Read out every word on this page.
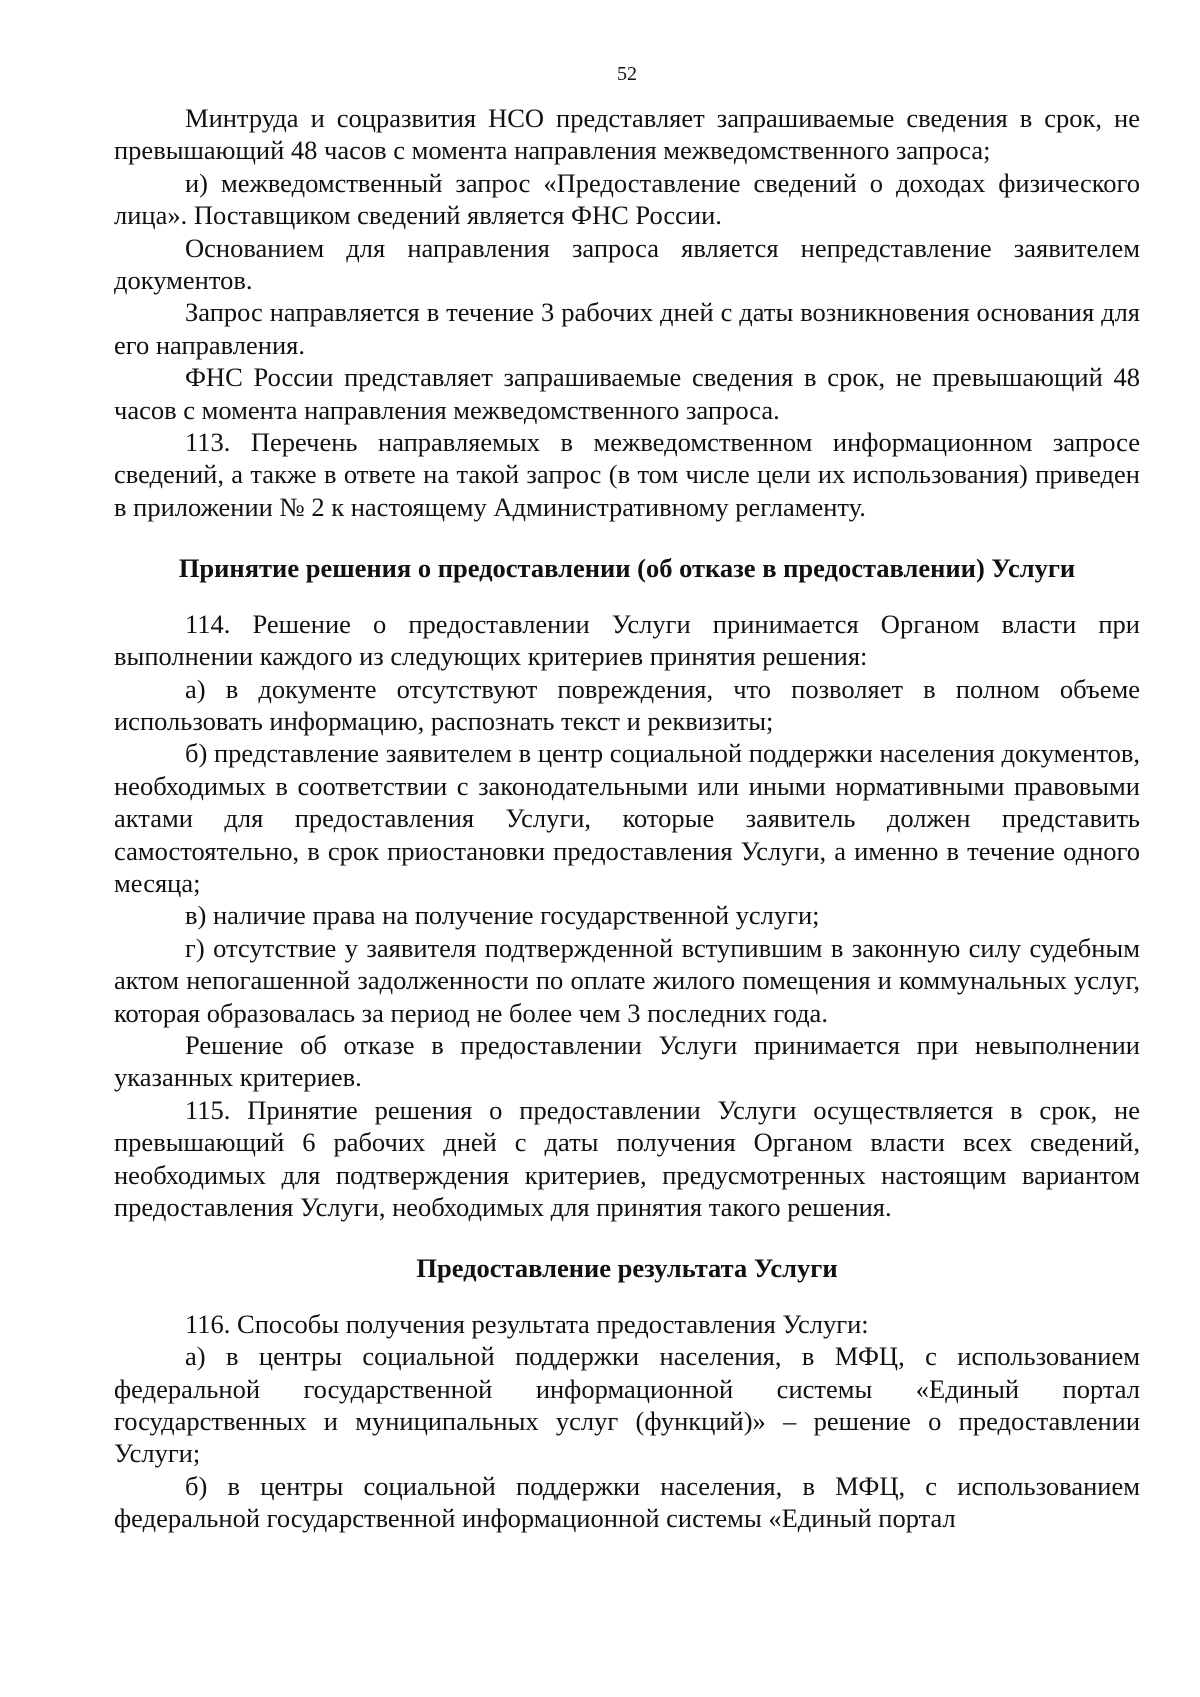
52

Минтруда и соцразвития НСО представляет запрашиваемые сведения в срок, не превышающий 48 часов с момента направления межведомственного запроса;

и) межведомственный запрос «Предоставление сведений о доходах физического лица». Поставщиком сведений является ФНС России.

Основанием для направления запроса является непредставление заявителем документов.

Запрос направляется в течение 3 рабочих дней с даты возникновения основания для его направления.

ФНС России представляет запрашиваемые сведения в срок, не превышающий 48 часов с момента направления межведомственного запроса.

113. Перечень направляемых в межведомственном информационном запросе сведений, а также в ответе на такой запрос (в том числе цели их использования) приведен в приложении № 2 к настоящему Административному регламенту.

Принятие решения о предоставлении (об отказе в предоставлении) Услуги

114. Решение о предоставлении Услуги принимается Органом власти при выполнении каждого из следующих критериев принятия решения:

а) в документе отсутствуют повреждения, что позволяет в полном объеме использовать информацию, распознать текст и реквизиты;

б) представление заявителем в центр социальной поддержки населения документов, необходимых в соответствии с законодательными или иными нормативными правовыми актами для предоставления Услуги, которые заявитель должен представить самостоятельно, в срок приостановки предоставления Услуги, а именно в течение одного месяца;

в) наличие права на получение государственной услуги;

г) отсутствие у заявителя подтвержденной вступившим в законную силу судебным актом непогашенной задолженности по оплате жилого помещения и коммунальных услуг, которая образовалась за период не более чем 3 последних года.

Решение об отказе в предоставлении Услуги принимается при невыполнении указанных критериев.

115. Принятие решения о предоставлении Услуги осуществляется в срок, не превышающий 6 рабочих дней с даты получения Органом власти всех сведений, необходимых для подтверждения критериев, предусмотренных настоящим вариантом предоставления Услуги, необходимых для принятия такого решения.

Предоставление результата Услуги

116. Способы получения результата предоставления Услуги:

а) в центры социальной поддержки населения, в МФЦ, с использованием федеральной государственной информационной системы «Единый портал государственных и муниципальных услуг (функций)» – решение о предоставлении Услуги;

б) в центры социальной поддержки населения, в МФЦ, с использованием федеральной государственной информационной системы «Единый портал
